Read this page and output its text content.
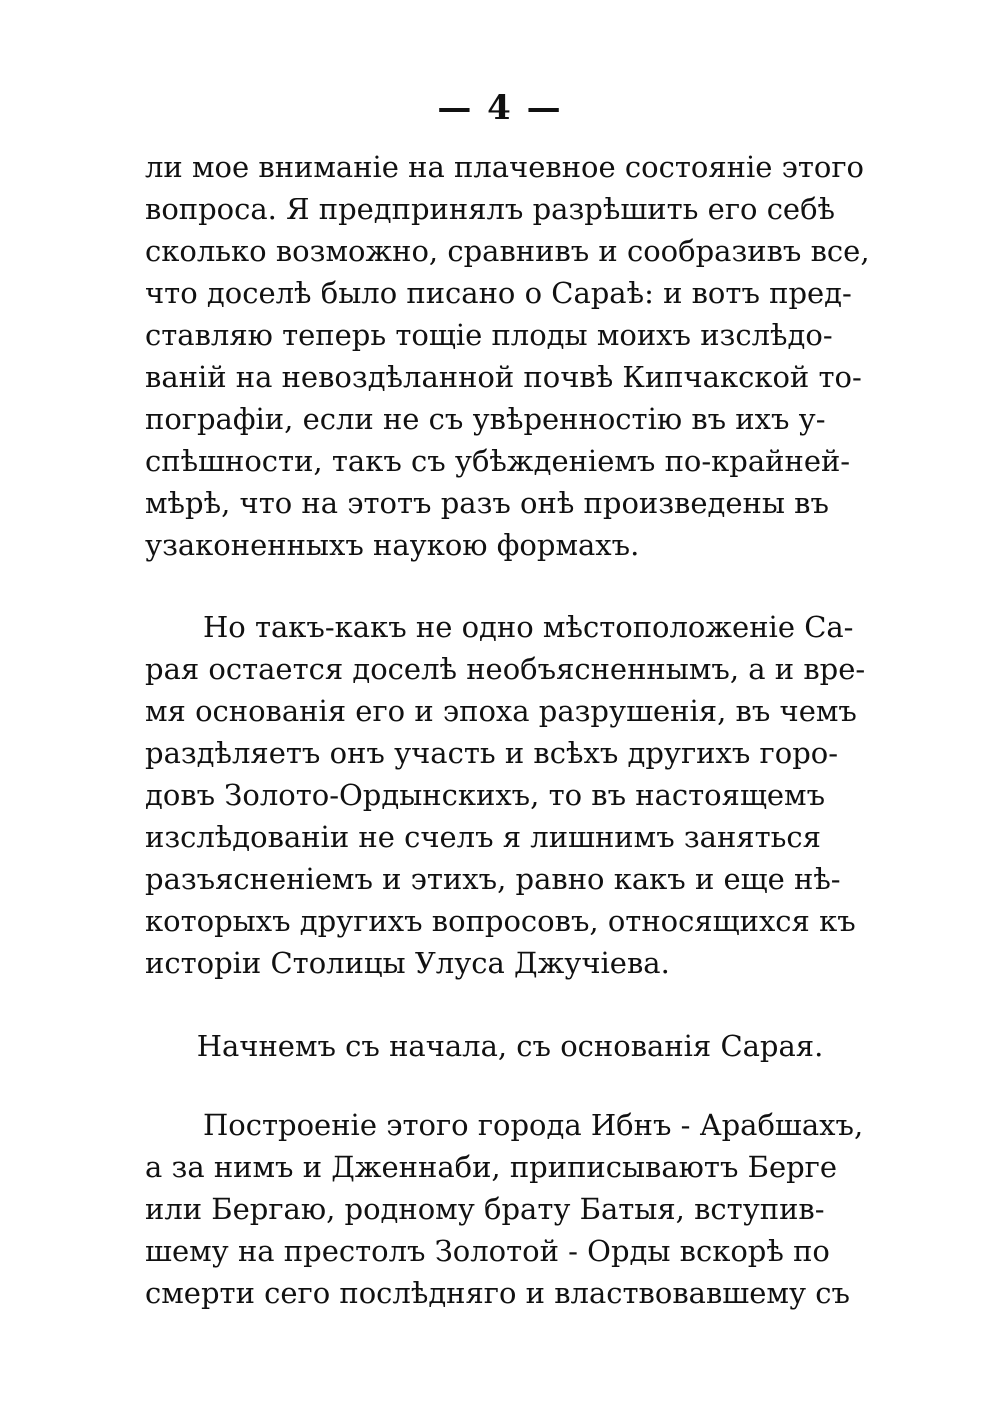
— 4 —
ли мое вниманіе на плачевное состояніе этого
вопроса. Я предпринялъ разрѣшить его себѣ
сколько возможно, сравнивъ и сообразивъ все,
что доселѣ было писано о Сараѣ: и вотъ пред-
ставляю теперь тощіе плоды моихъ изслѣдо-
ваній на невоздѣланной почвѣ Кипчакской то-
пографіи, если не съ увѣренностію въ ихъ у-
спѣшности, такъ съ убѣжденіемъ по-крайней-
мѣрѣ, что на этотъ разъ онѣ произведены въ
узаконенныхъ наукою формахъ.
Но такъ-какъ не одно мѣстоположеніе Са-
рая остается доселѣ необъясненнымъ, а и вре-
мя основанія его и эпоха разрушенія, въ чемъ
раздѣляетъ онъ участь и всѣхъ другихъ горо-
довъ Золото-Ордынскихъ, то въ настоящемъ
изслѣдованіи не счелъ я лишнимъ заняться
разъясненіемъ и этихъ, равно какъ и еще нѣ-
которыхъ другихъ вопросовъ, относящихся къ
исторіи Столицы Улуса Джучіева.
Начнемъ съ начала, съ основанія Сарая.
Построеніе этого города Ибнъ - Арабшахъ,
а за нимъ и Дженнаби, приписываютъ Берге
или Бергаю, родному брату Батыя, вступив-
шему на престолъ Золотой - Орды вскорѣ по
смерти сего послѣдняго и властвовавшему съ
